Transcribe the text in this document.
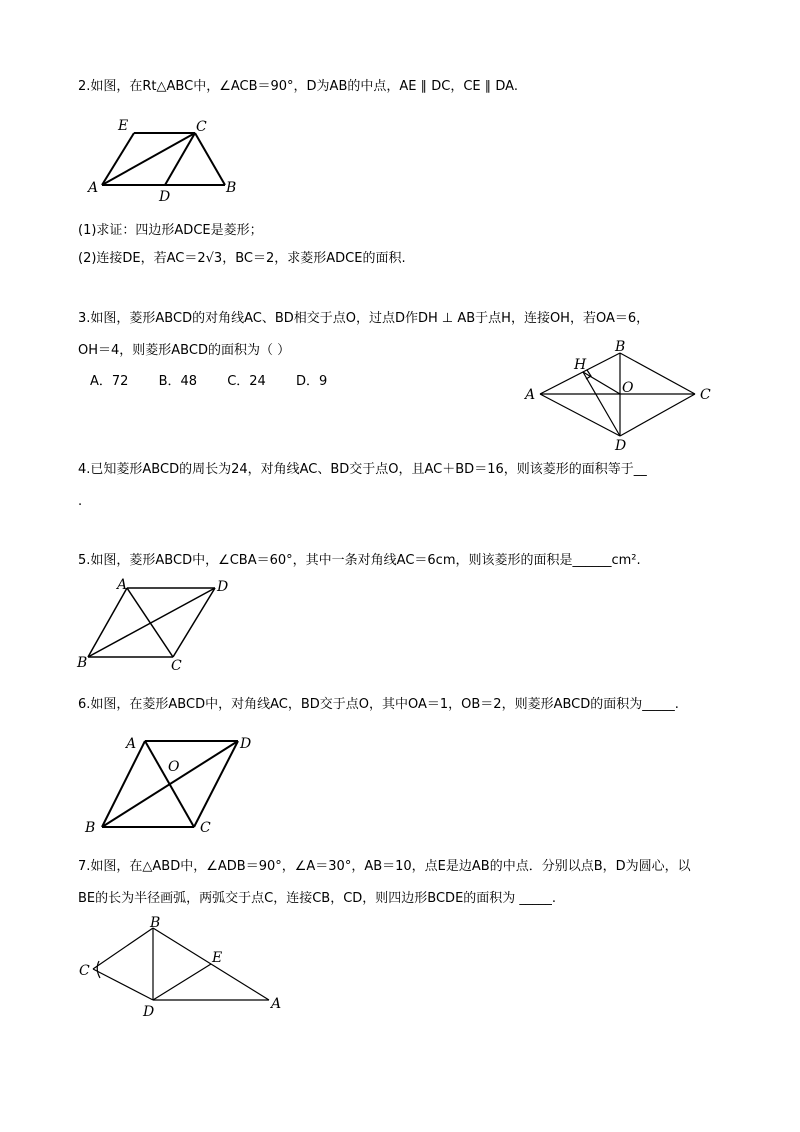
2.如图，在Rt△ABC中，∠ACB＝90°，D为AB的中点，AE ∥ DC，CE ∥ DA.
E	C
A
D
B
(1)求证：四边形ADCE是菱形；
(2)连接DE，若AC＝2√3，BC＝2，求菱形ADCE的面积.
3.如图，菱形ABCD的对角线AC、BD相交于点O，过点D作DH ⊥ AB于点H，连接OH，若OA＝6，
OH＝4，则菱形ABCD的面积为（ ）
A．72 B．48 C．24 D．9
B
H
O
A	C
D
4.已知菱形ABCD的周长为24，对角线AC、BD交于点O，且AC＋BD＝16，则该菱形的面积等于__
.
5.如图，菱形ABCD中，∠CBA＝60°，其中一条对角线AC＝6cm，则该菱形的面积是______cm².
A	D
B	C
6.如图，在菱形ABCD中，对角线AC，BD交于点O，其中OA＝1，OB＝2，则菱形ABCD的面积为_____.
A	D
O
B	C
7.如图，在△ABD中，∠ADB＝90°，∠A＝30°，AB＝10，点E是边AB的中点．分别以点B，D为圆心，以
BE的长为半径画弧，两弧交于点C，连接CB，CD，则四边形BCDE的面积为 _____.
B
C
E
D	A
